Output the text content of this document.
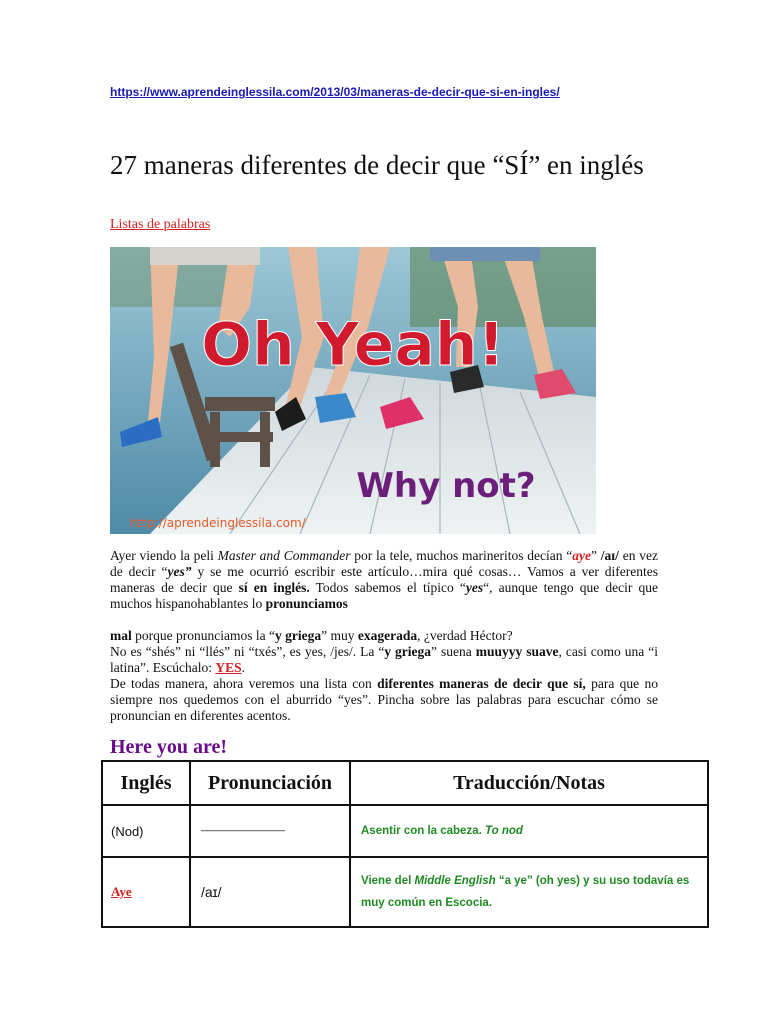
https://www.aprendeinglessila.com/2013/03/maneras-de-decir-que-si-en-ingles/
27 maneras diferentes de decir que “SÍ” en inglés
Listas de palabras
Oh Yeah!
Why not?
http://aprendeinglessila.com/

Ayer viendo la peli Master and Commander por la tele, muchos marineritos decían “aye” /aɪ/ en vez de decir “yes” y se me ocurrió escribir este artículo…mira qué cosas… Vamos a ver diferentes maneras de decir que sí en inglés. Todos sabemos el típico “yes“, aunque tengo que decir que muchos hispanohablantes lo pronunciamos

mal porque pronunciamos la “y griega” muy exagerada, ¿verdad Héctor?
No es “shés” ni “llés” ni “txés”, es yes, /jes/. La “y griega” suena muuyyy suave, casi como una “i latina”. Escúchalo: YES.

De todas manera, ahora veremos una lista con diferentes maneras de decir que sí, para que no siempre nos quedemos con el aburrido “yes”. Pincha sobre las palabras para escuchar cómo se pronuncian en diferentes acentos.

Here you are!
Inglés	Pronunciación	Traducción/Notas
(Nod)	——————	Asentir con la cabeza. To nod
Aye	/aɪ/	Viene del Middle English “a ye” (oh yes) y su uso todavía es muy común en Escocia.
